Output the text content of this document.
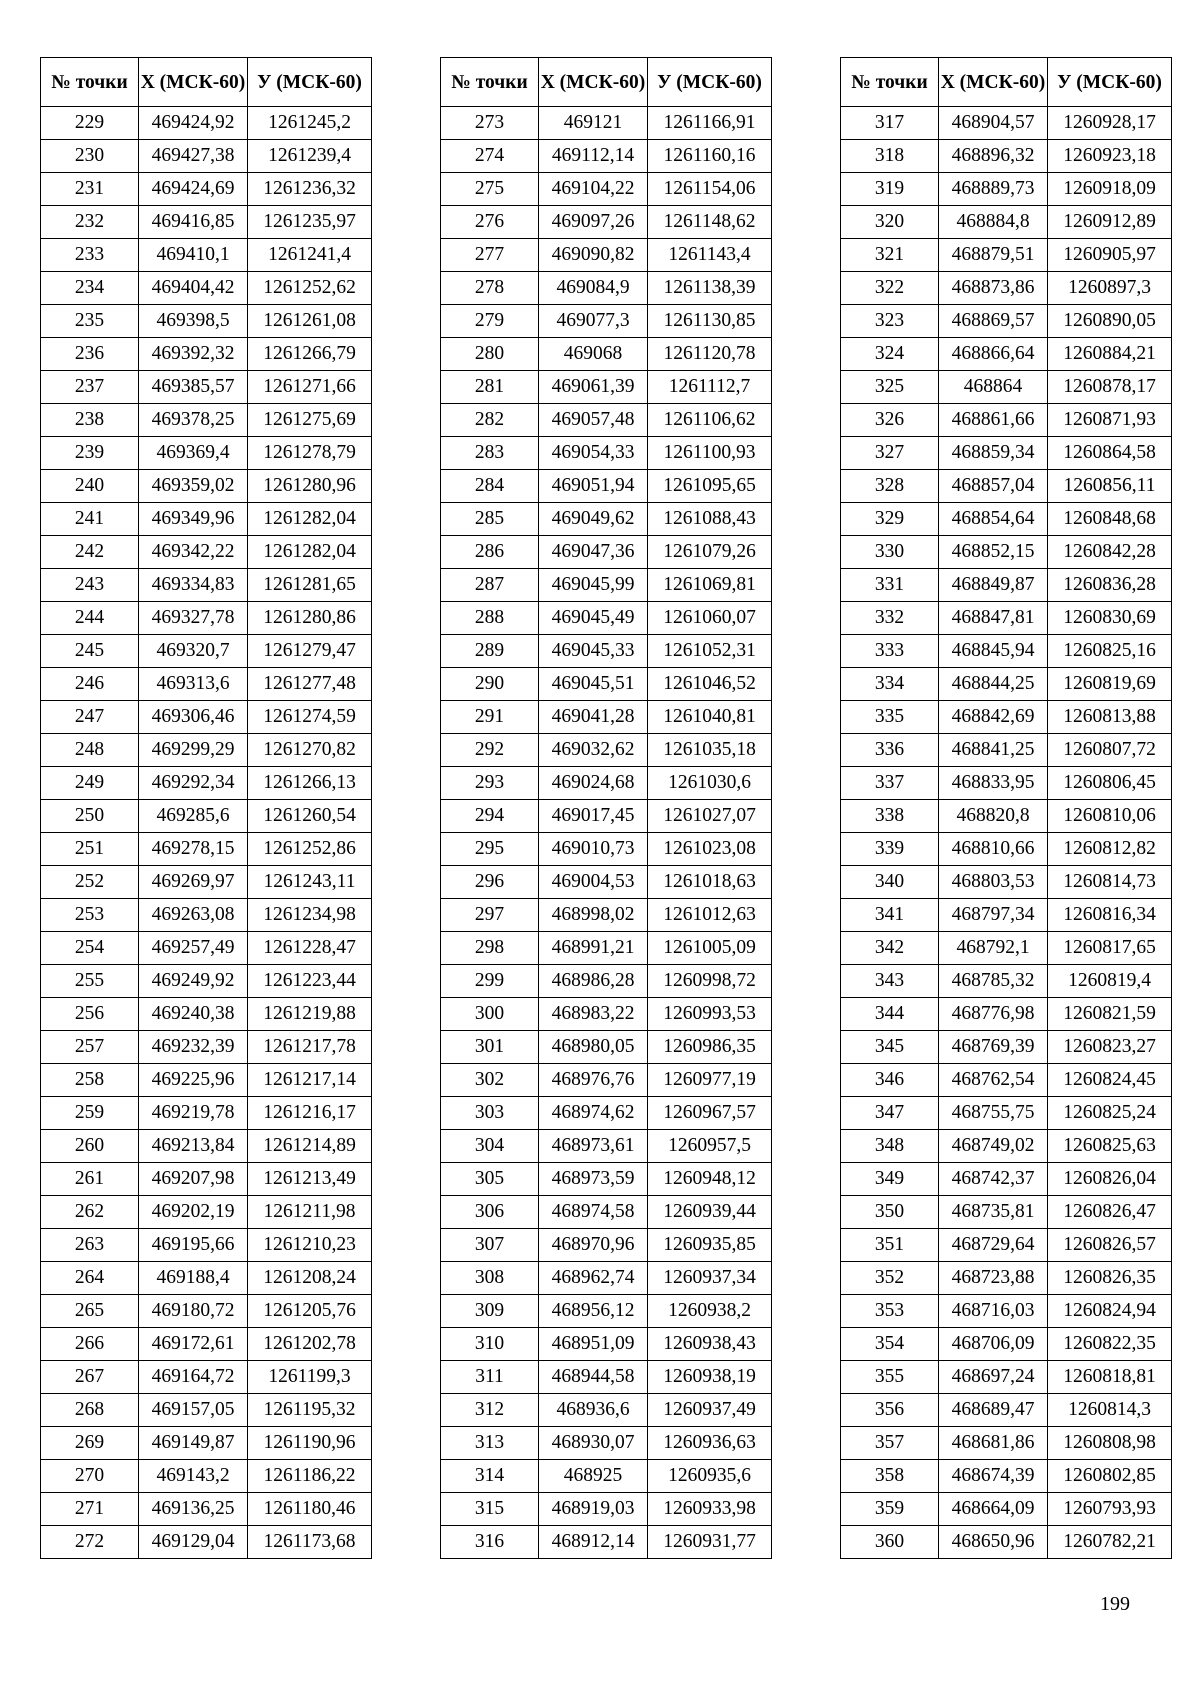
№ точки	X (МСК-60)	У (МСК-60)
229	469424,92	1261245,2
230	469427,38	1261239,4
231	469424,69	1261236,32
232	469416,85	1261235,97
233	469410,1	1261241,4
234	469404,42	1261252,62
235	469398,5	1261261,08
236	469392,32	1261266,79
237	469385,57	1261271,66
238	469378,25	1261275,69
239	469369,4	1261278,79
240	469359,02	1261280,96
241	469349,96	1261282,04
242	469342,22	1261282,04
243	469334,83	1261281,65
244	469327,78	1261280,86
245	469320,7	1261279,47
246	469313,6	1261277,48
247	469306,46	1261274,59
248	469299,29	1261270,82
249	469292,34	1261266,13
250	469285,6	1261260,54
251	469278,15	1261252,86
252	469269,97	1261243,11
253	469263,08	1261234,98
254	469257,49	1261228,47
255	469249,92	1261223,44
256	469240,38	1261219,88
257	469232,39	1261217,78
258	469225,96	1261217,14
259	469219,78	1261216,17
260	469213,84	1261214,89
261	469207,98	1261213,49
262	469202,19	1261211,98
263	469195,66	1261210,23
264	469188,4	1261208,24
265	469180,72	1261205,76
266	469172,61	1261202,78
267	469164,72	1261199,3
268	469157,05	1261195,32
269	469149,87	1261190,96
270	469143,2	1261186,22
271	469136,25	1261180,46
272	469129,04	1261173,68
№ точки	X (МСК-60)	У (МСК-60)
273	469121	1261166,91
274	469112,14	1261160,16
275	469104,22	1261154,06
276	469097,26	1261148,62
277	469090,82	1261143,4
278	469084,9	1261138,39
279	469077,3	1261130,85
280	469068	1261120,78
281	469061,39	1261112,7
282	469057,48	1261106,62
283	469054,33	1261100,93
284	469051,94	1261095,65
285	469049,62	1261088,43
286	469047,36	1261079,26
287	469045,99	1261069,81
288	469045,49	1261060,07
289	469045,33	1261052,31
290	469045,51	1261046,52
291	469041,28	1261040,81
292	469032,62	1261035,18
293	469024,68	1261030,6
294	469017,45	1261027,07
295	469010,73	1261023,08
296	469004,53	1261018,63
297	468998,02	1261012,63
298	468991,21	1261005,09
299	468986,28	1260998,72
300	468983,22	1260993,53
301	468980,05	1260986,35
302	468976,76	1260977,19
303	468974,62	1260967,57
304	468973,61	1260957,5
305	468973,59	1260948,12
306	468974,58	1260939,44
307	468970,96	1260935,85
308	468962,74	1260937,34
309	468956,12	1260938,2
310	468951,09	1260938,43
311	468944,58	1260938,19
312	468936,6	1260937,49
313	468930,07	1260936,63
314	468925	1260935,6
315	468919,03	1260933,98
316	468912,14	1260931,77
№ точки	X (МСК-60)	У (МСК-60)
317	468904,57	1260928,17
318	468896,32	1260923,18
319	468889,73	1260918,09
320	468884,8	1260912,89
321	468879,51	1260905,97
322	468873,86	1260897,3
323	468869,57	1260890,05
324	468866,64	1260884,21
325	468864	1260878,17
326	468861,66	1260871,93
327	468859,34	1260864,58
328	468857,04	1260856,11
329	468854,64	1260848,68
330	468852,15	1260842,28
331	468849,87	1260836,28
332	468847,81	1260830,69
333	468845,94	1260825,16
334	468844,25	1260819,69
335	468842,69	1260813,88
336	468841,25	1260807,72
337	468833,95	1260806,45
338	468820,8	1260810,06
339	468810,66	1260812,82
340	468803,53	1260814,73
341	468797,34	1260816,34
342	468792,1	1260817,65
343	468785,32	1260819,4
344	468776,98	1260821,59
345	468769,39	1260823,27
346	468762,54	1260824,45
347	468755,75	1260825,24
348	468749,02	1260825,63
349	468742,37	1260826,04
350	468735,81	1260826,47
351	468729,64	1260826,57
352	468723,88	1260826,35
353	468716,03	1260824,94
354	468706,09	1260822,35
355	468697,24	1260818,81
356	468689,47	1260814,3
357	468681,86	1260808,98
358	468674,39	1260802,85
359	468664,09	1260793,93
360	468650,96	1260782,21
199
